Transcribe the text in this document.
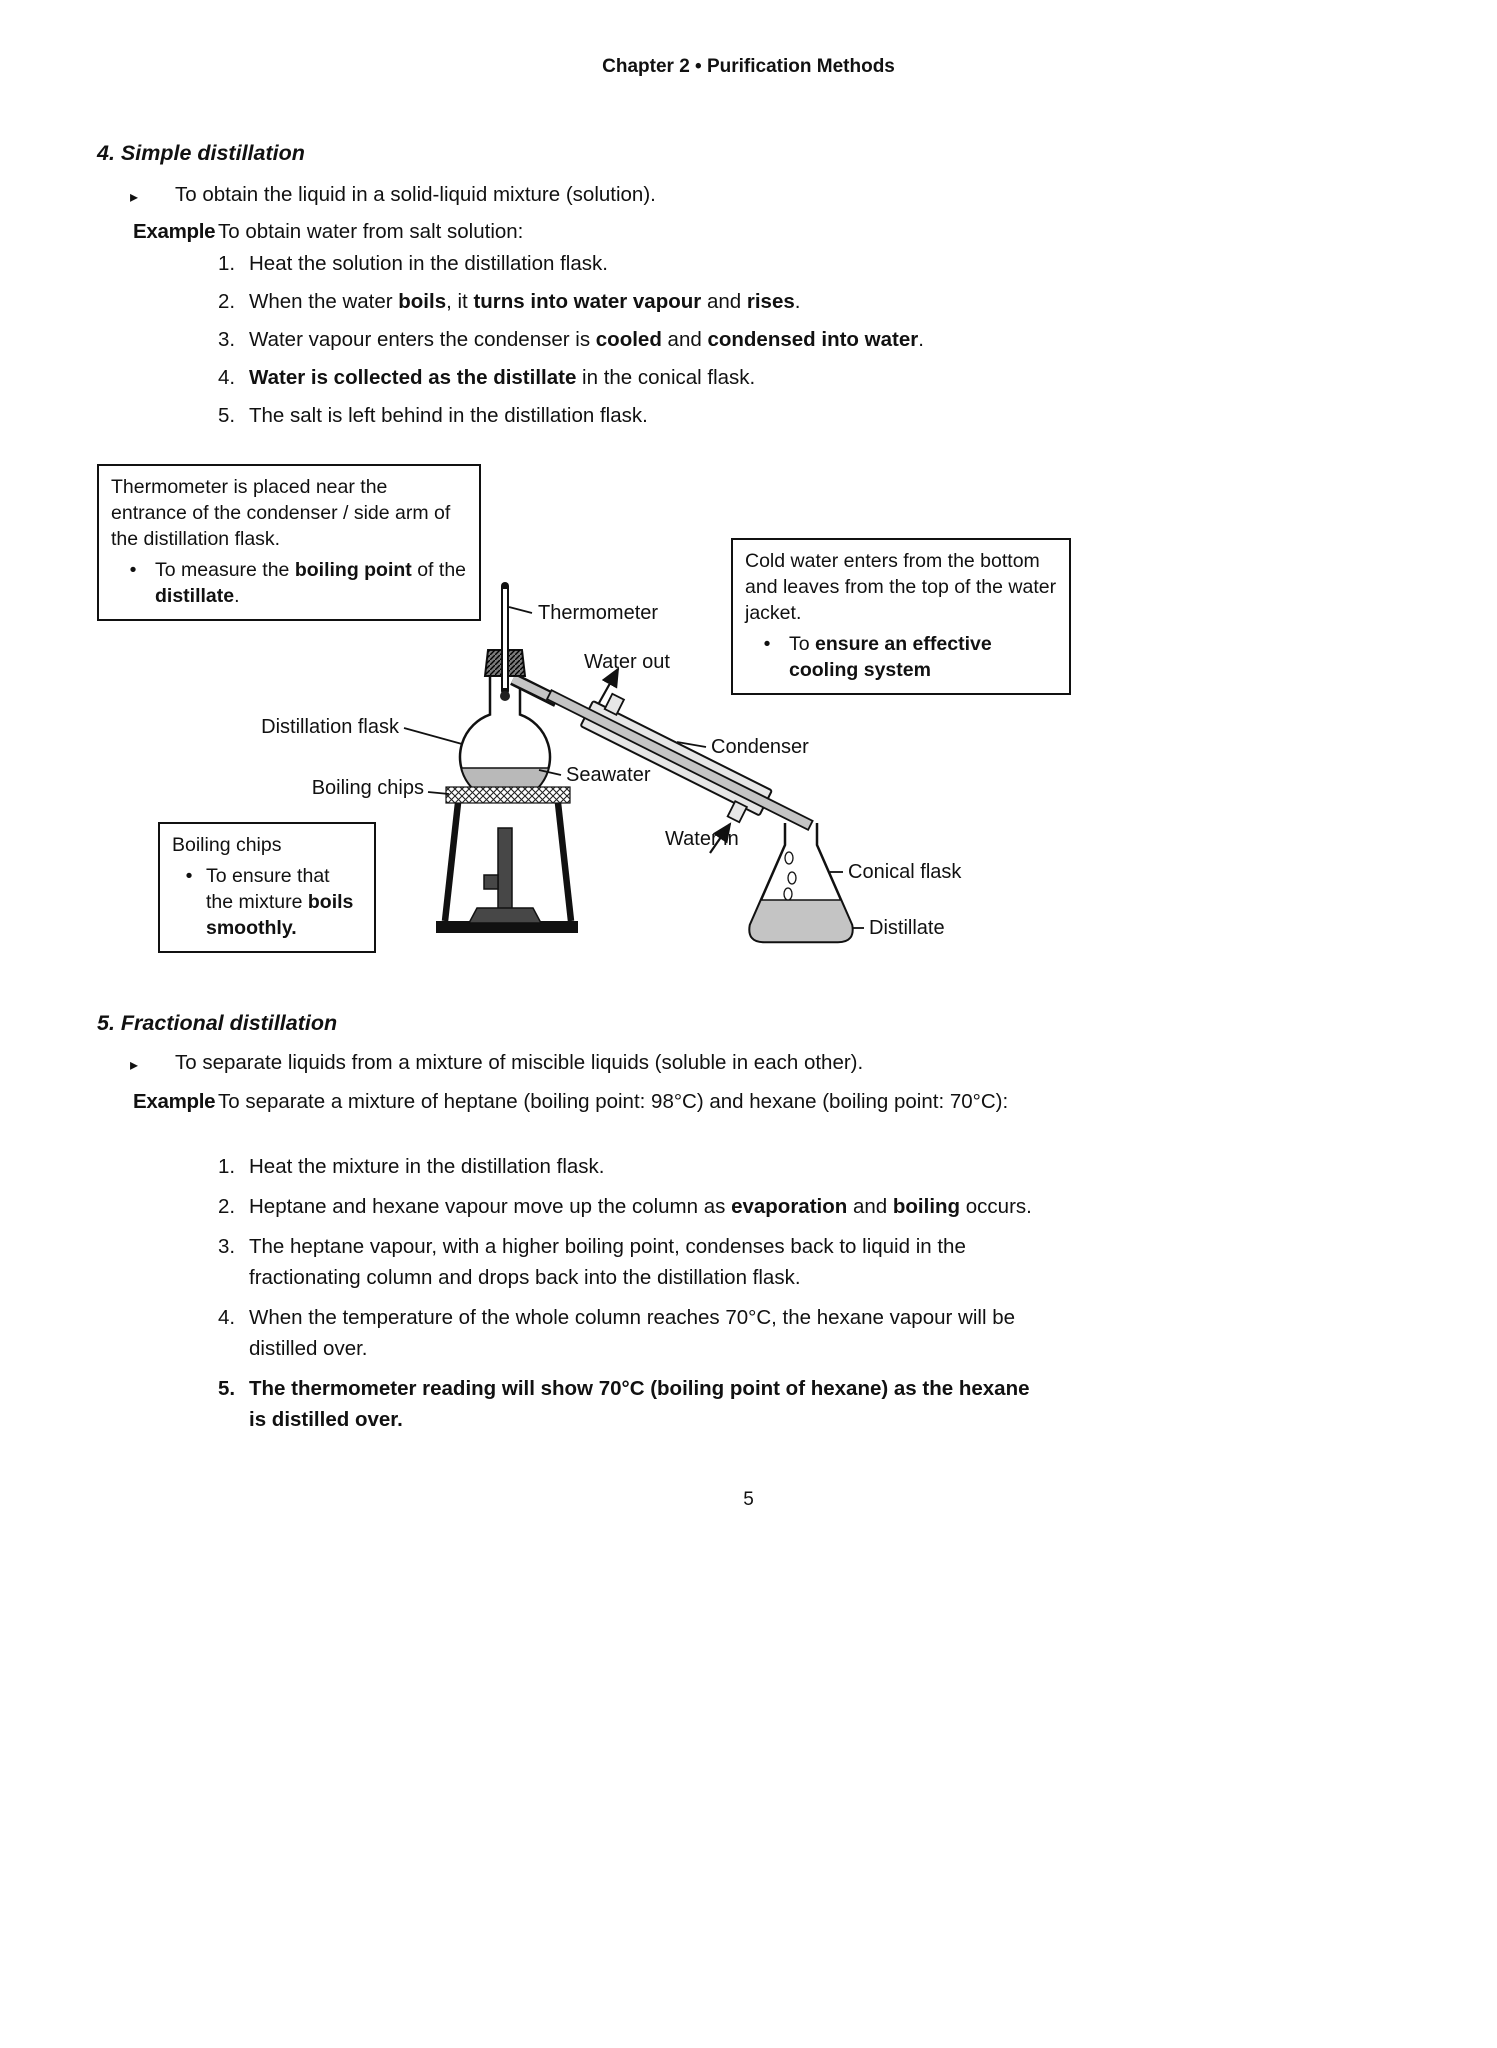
Chapter 2 • Purification Methods
4. Simple distillation
▸	To obtain the liquid in a solid-liquid mixture (solution).
Example To obtain water from salt solution:
1. Heat the solution in the distillation flask.
2. When the water boils, it turns into water vapour and rises.
3. Water vapour enters the condenser is cooled and condensed into water.
4. Water is collected as the distillate in the conical flask.
5. The salt is left behind in the distillation flask.
Thermometer
Water out
Distillation flask
Condenser
Seawater
Boiling chips
Water in
Conical flask
Distillate
Thermometer is placed near the entrance of the condenser / side arm of the distillation flask.
• To measure the boiling point of the distillate.
Cold water enters from the bottom and leaves from the top of the water jacket.
• To ensure an effective cooling system
Boiling chips
• To ensure that the mixture boils smoothly.
5. Fractional distillation
▸	To separate liquids from a mixture of miscible liquids (soluble in each other).
Example To separate a mixture of heptane (boiling point: 98°C) and hexane (boiling point: 70°C):
1. Heat the mixture in the distillation flask.
2. Heptane and hexane vapour move up the column as evaporation and boiling occurs.
3. The heptane vapour, with a higher boiling point, condenses back to liquid in the fractionating column and drops back into the distillation flask.
4. When the temperature of the whole column reaches 70°C, the hexane vapour will be distilled over.
5. The thermometer reading will show 70°C (boiling point of hexane) as the hexane is distilled over.
5
